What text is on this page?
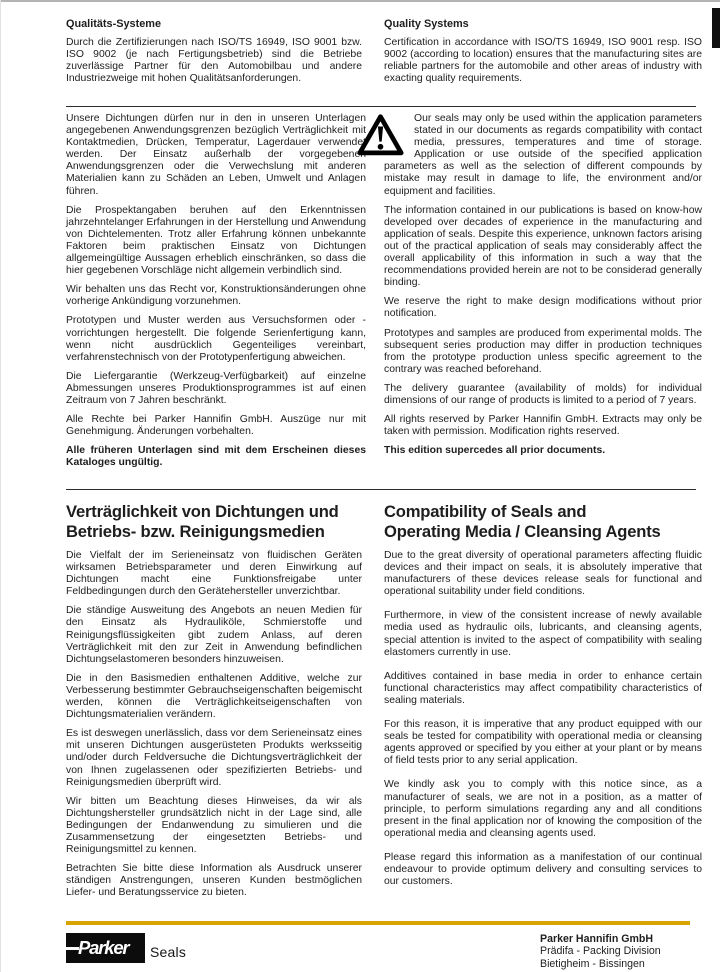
Qualitäts-Systeme

Durch die Zertifizierungen nach ISO/TS 16949, ISO 9001 bzw. ISO 9002 (je nach Fertigungsbetrieb) sind die Betriebe zuverlässige Partner für den Automobilbau und andere Industriezweige mit hohen Qualitätsanforderungen.

Quality Systems

Certification in accordance with ISO/TS 16949, ISO 9001 resp. ISO 9002 (according to location) ensures that the manufacturing sites are reliable partners for the automobile and other areas of industry with exacting quality requirements.

Unsere Dichtungen dürfen nur in den in unseren Unterlagen angegebenen Anwendungsgrenzen bezüglich Verträglichkeit mit Kontaktmedien, Drücken, Temperatur, Lagerdauer verwendet werden. Der Einsatz außerhalb der vorgegebenen Anwendungsgrenzen oder die Verwechslung mit anderen Materialien kann zu Schäden an Leben, Umwelt und Anlagen führen.

Die Prospektangaben beruhen auf den Erkenntnissen jahrzehntelanger Erfahrungen in der Herstellung und Anwendung von Dichtelementen. Trotz aller Erfahrung können unbekannte Faktoren beim praktischen Einsatz von Dichtungen allgemeingültige Aussagen erheblich einschränken, so dass die hier gegebenen Vorschläge nicht allgemein verbindlich sind.

Wir behalten uns das Recht vor, Konstruktionsänderungen ohne vorherige Ankündigung vorzunehmen.

Prototypen und Muster werden aus Versuchsformen oder -vorrichtungen hergestellt. Die folgende Serienfertigung kann, wenn nicht ausdrücklich Gegenteiliges vereinbart, verfahrenstechnisch von der Prototypenfertigung abweichen.

Die Liefergarantie (Werkzeug-Verfügbarkeit) auf einzelne Abmessungen unseres Produktionsprogrammes ist auf einen Zeitraum von 7 Jahren beschränkt.

Alle Rechte bei Parker Hannifin GmbH. Auszüge nur mit Genehmigung. Änderungen vorbehalten.

Alle früheren Unterlagen sind mit dem Erscheinen dieses Kataloges ungültig.

Our seals may only be used within the application parameters stated in our documents as regards compatibility with contact media, pressures, temperatures and time of storage. Application or use outside of the specified application parameters as well as the selection of different compounds by mistake may result in damage to life, the environment and/or equipment and facilities.

The information contained in our publications is based on know-how developed over decades of experience in the manufacturing and application of seals. Despite this experience, unknown factors arising out of the practical application of seals may considerably affect the overall applicability of this information in such a way that the recommendations provided herein are not to be considerad generally binding.

We reserve the right to make design modifications without prior notification.

Prototypes and samples are produced from experimental molds. The subsequent series production may differ in production techniques from the prototype production unless specific agreement to the contrary was reached beforehand.

The delivery guarantee (availability of molds) for individual dimensions of our range of products is limited to a period of 7 years.

All rights reserved by Parker Hannifin GmbH. Extracts may only be taken with permission. Modification rights reserved.

This edition supercedes all prior documents.

Verträglichkeit von Dichtungen und
Betriebs- bzw. Reinigungsmedien

Die Vielfalt der im Serieneinsatz von fluidischen Geräten wirksamen Betriebsparameter und deren Einwirkung auf Dichtungen macht eine Funktionsfreigabe unter Feldbedingungen durch den Gerätehersteller unverzichtbar.

Die ständige Ausweitung des Angebots an neuen Medien für den Einsatz als Hydrauliköle, Schmierstoffe und Reinigungsflüssigkeiten gibt zudem Anlass, auf deren Verträglichkeit mit den zur Zeit in Anwendung befindlichen Dichtungselastomeren besonders hinzuweisen.

Die in den Basismedien enthaltenen Additive, welche zur Verbesserung bestimmter Gebrauchseigenschaften beigemischt werden, können die Verträglichkeitseigenschaften von Dichtungsmaterialien verändern.

Es ist deswegen unerlässlich, dass vor dem Serieneinsatz eines mit unseren Dichtungen ausgerüsteten Produkts werksseitig und/oder durch Feldversuche die Dichtungsverträglichkeit der von Ihnen zugelassenen oder spezifizierten Betriebs- und Reinigungsmedien überprüft wird.

Wir bitten um Beachtung dieses Hinweises, da wir als Dichtungshersteller grundsätzlich nicht in der Lage sind, alle Bedingungen der Endanwendung zu simulieren und die Zusammensetzung der eingesetzten Betriebs- und Reinigungsmittel zu kennen.

Betrachten Sie bitte diese Information als Ausdruck unserer ständigen Anstrengungen, unseren Kunden bestmöglichen Liefer- und Beratungsservice zu bieten.

Compatibility of Seals and
Operating Media / Cleansing Agents

Due to the great diversity of operational parameters affecting fluidic devices and their impact on seals, it is absolutely imperative that manufacturers of these devices release seals for functional and operational suitability under field conditions.

Furthermore, in view of the consistent increase of newly available media used as hydraulic oils, lubricants, and cleansing agents, special attention is invited to the aspect of compatibility with sealing elastomers currently in use.

Additives contained in base media in order to enhance certain functional characteristics may affect compatibility characteristics of sealing materials.

For this reason, it is imperative that any product equipped with our seals be tested for compatibility with operational media or cleansing agents approved or specified by you either at your plant or by means of field tests prior to any serial application.

We kindly ask you to comply with this notice since, as a manufacturer of seals, we are not in a position, as a matter of principle, to perform simulations regarding any and all conditions present in the final application nor of knowing the composition of the operational media and cleansing agents used.

Please regard this information as a manifestation of our continual endeavour to provide optimum delivery and consulting services to our customers.

Parker Seals
Parker Hannifin GmbH
Prädifa - Packing Division
Bietigheim - Bissingen
